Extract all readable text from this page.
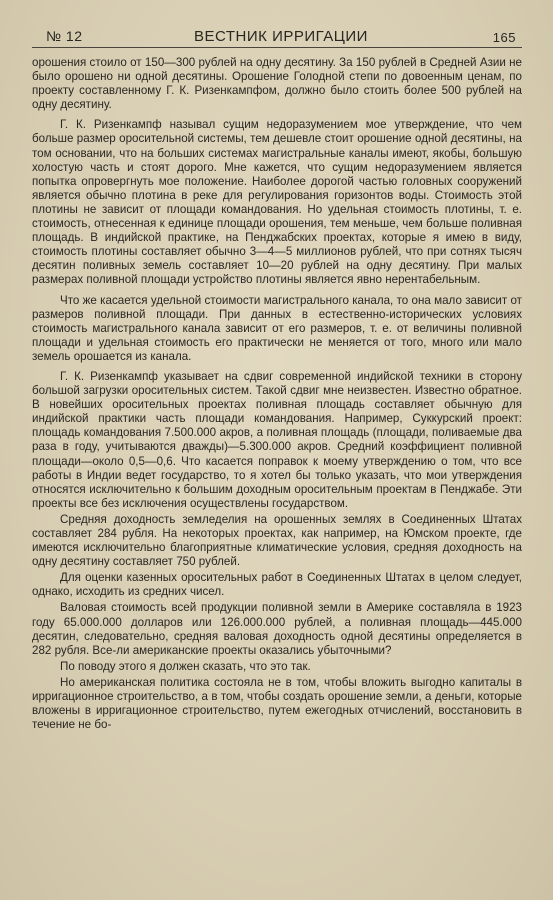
№ 12	ВЕСТНИК ИРРИГАЦИИ	165

орошения стоило от 150—300 рублей на одну десятину. За 150 рублей в Средней Азии не было орошено ни одной десятины. Орошение Голодной степи по довоенным ценам, по проекту составленному Г. К. Ризенкампфом, должно было стоить более 500 рублей на одну десятину.

Г. К. Ризенкампф называл сущим недоразумением мое утверждение, что чем больше размер оросительной системы, тем дешевле стоит орошение одной десятины, на том основании, что на больших системах магистральные каналы имеют, якобы, большую холостую часть и стоят дорого. Мне кажется, что сущим недоразумением является попытка опровергнуть мое положение. Наиболее дорогой частью головных сооружений является обычно плотина в реке для регулирования горизонтов воды. Стоимость этой плотины не зависит от площади командования. Но удельная стоимость плотины, т. е. стоимость, отнесенная к единице площади орошения, тем меньше, чем больше поливная площадь. В индийской практике, на Пенджабских проектах, которые я имею в виду, стоимость плотины составляет обычно 3—4—5 миллионов рублей, что при сотнях тысяч десятин поливных земель составляет 10—20 рублей на одну десятину. При малых размерах поливной площади устройство плотины является явно нерентабельным.

Что же касается удельной стоимости магистрального канала, то она мало зависит от размеров поливной площади. При данных в естественно-исторических условиях стоимость магистрального канала зависит от его размеров, т. е. от величины поливной площади и удельная стоимость его практически не меняется от того, много или мало земель орошается из канала.

Г. К. Ризенкампф указывает на сдвиг современной индийской техники в сторону большой загрузки оросительных систем. Такой сдвиг мне неизвестен. Известно обратное. В новейших оросительных проектах поливная площадь составляет обычную для индийской практики часть площади командования. Например, Суккурский проект: площадь командования 7.500.000 акров, а поливная площадь (площади, поливаемые два раза в году, учитываются дважды)—5.300.000 акров. Средний коэффициент поливной площади—около 0,5—0,6. Что касается поправок к моему утверждению о том, что все работы в Индии ведет государство, то я хотел бы только указать, что мои утверждения относятся исключительно к большим доходным оросительным проектам в Пенджабе. Эти проекты все без исключения осуществлены государством.

Средняя доходность земледелия на орошенных землях в Соединенных Штатах составляет 284 рубля. На некоторых проектах, как например, на Юмском проекте, где имеются исключительно благоприятные климатические условия, средняя доходность на одну десятину составляет 750 рублей.

Для оценки казенных оросительных работ в Соединенных Штатах в целом следует, однако, исходить из средних чисел.

Валовая стоимость всей продукции поливной земли в Америке составляла в 1923 году 65.000.000 долларов или 126.000.000 рублей, а поливная площадь—445.000 десятин, следовательно, средняя валовая доходность одной десятины определяется в 282 рубля. Все-ли американские проекты оказались убыточными?

По поводу этого я должен сказать, что это так.

Но американская политика состояла не в том, чтобы вложить выгодно капиталы в ирригационное строительство, а в том, чтобы создать орошение земли, а деньги, которые вложены в ирригационное строительство, путем ежегодных отчислений, восстановить в течение не бо-
